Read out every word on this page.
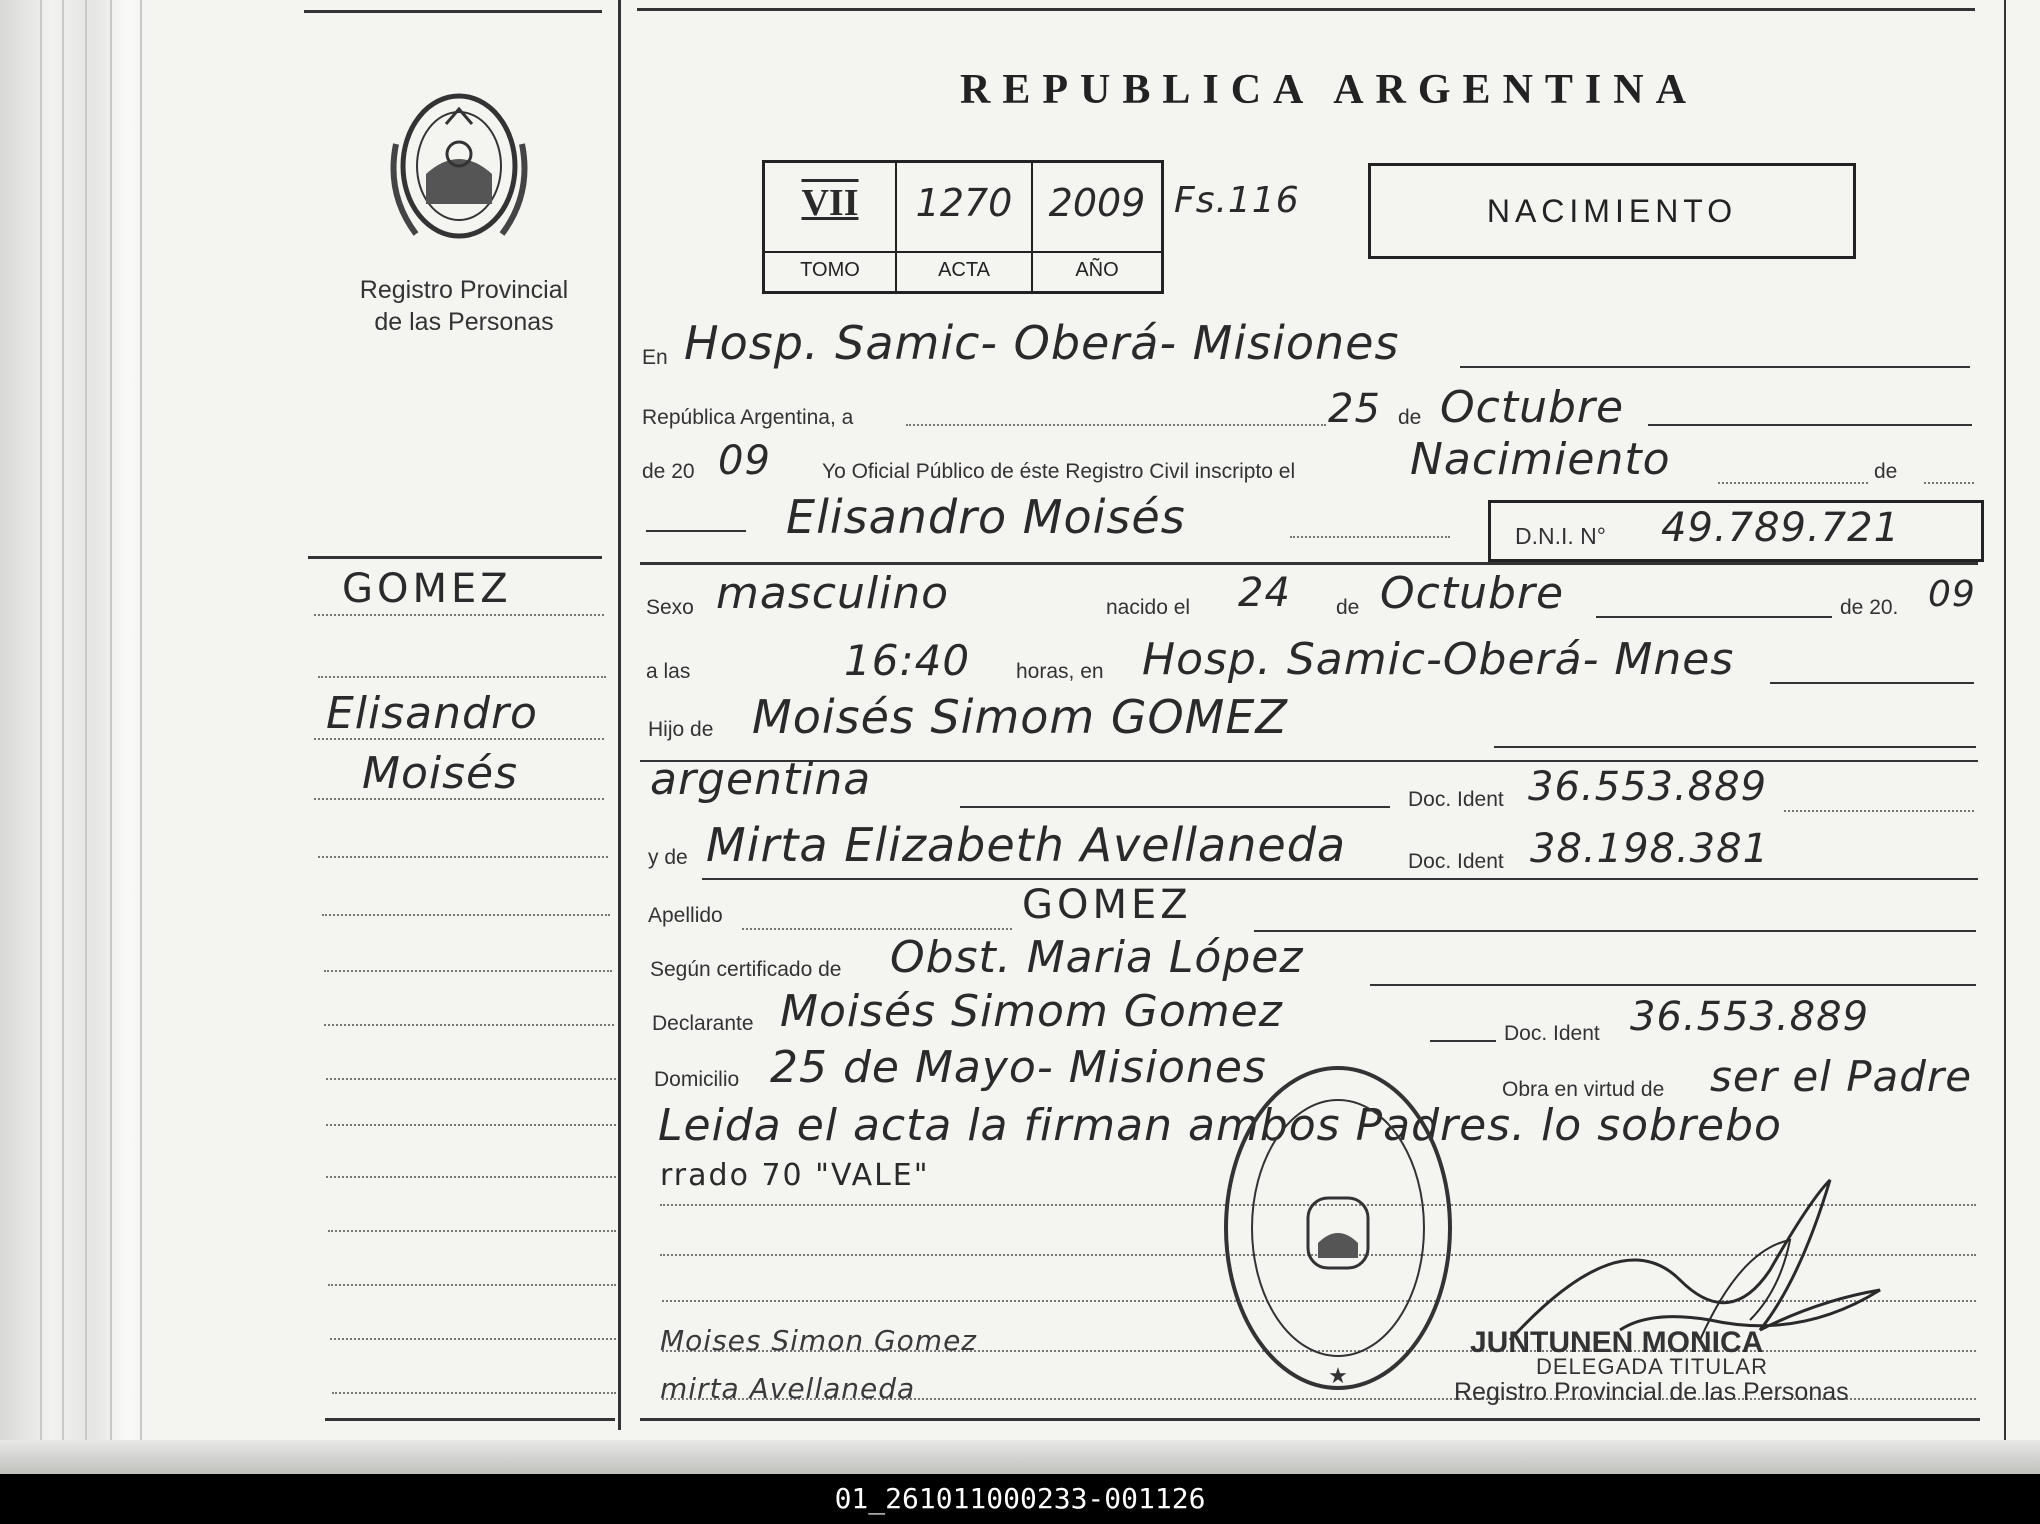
Registro Provincial
de las Personas
REPUBLICA ARGENTINA
VII	1270 2009
TOMO	ACTA	AÑO
Fs.116	NACIMIENTO
GOMEZ
Elisandro
Moisés
En Hosp. Samic- Oberá- Misiones
República Argentina, a	25 de Octubre
de 20 09 Yo Oficial Público de éste Registro Civil inscripto el	Nacimiento	de
Elisandro Moisés	D.N.I. N° 49.789.721
Sexo masculino	nacido el 24 de Octubre	de 20. 09
a las	16:40 horas, en Hosp. Samic-Oberá- Mnes
Hijo de Moisés Simom GOMEZ
argentina	Doc. Ident 36.553.889
y de Mirta Elizabeth Avellaneda	Doc. Ident 38.198.381
Apellido	GOMEZ
Según certificado de Obst. Maria López
Declarante Moisés Simom Gomez	Doc. Ident 36.553.889
Domicilio 25 de Mayo- Misiones	Obra en virtud de ser el Padre
Leida el acta la firman ambos Padres. lo sobrebo
rrado 70 "VALE"
Moises Simon Gomez
mirta Avellaneda	★
JUNTUNEN MONICA
DELEGADA TITULAR
Registro Provincial de las Personas
01_261011000233-001126
